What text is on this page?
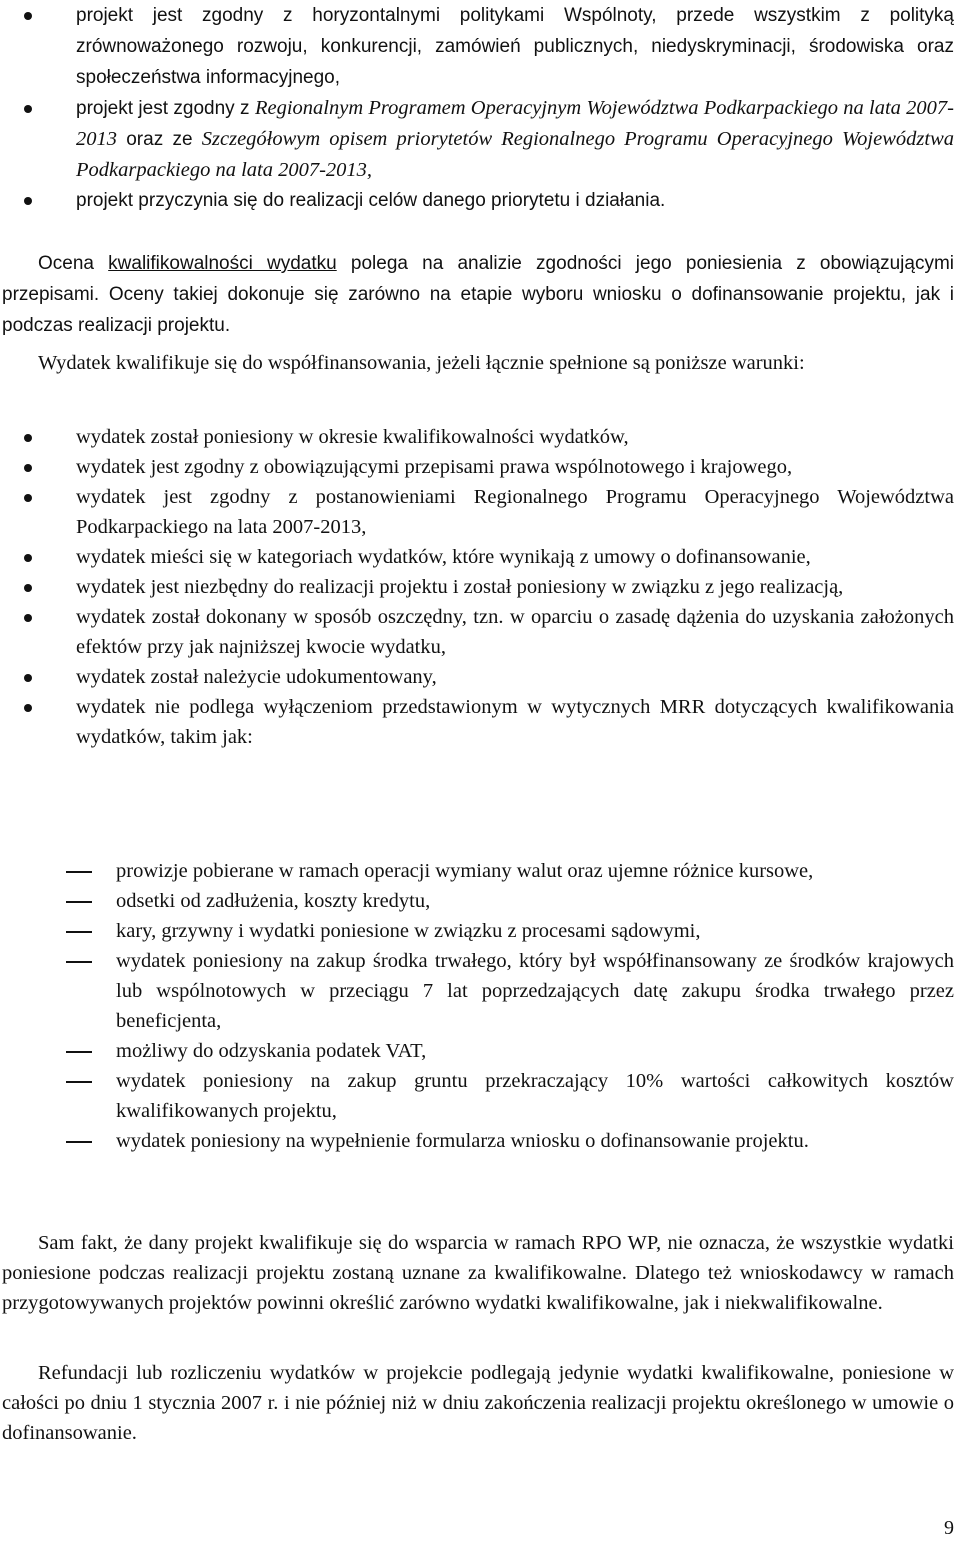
projekt jest zgodny z horyzontalnymi politykami Wspólnoty, przede wszystkim z polityką zrównoważonego rozwoju, konkurencji, zamówień publicznych, niedyskryminacji, środowiska oraz społeczeństwa informacyjnego,
projekt jest zgodny z Regionalnym Programem Operacyjnym Województwa Podkarpackiego na lata 2007-2013 oraz ze Szczegółowym opisem priorytetów Regionalnego Programu Operacyjnego Województwa Podkarpackiego na lata 2007-2013,
projekt przyczynia się do realizacji celów danego priorytetu i działania.

Ocena kwalifikowalności wydatku polega na analizie zgodności jego poniesienia z obowiązującymi przepisami. Oceny takiej dokonuje się zarówno na etapie wyboru wniosku o dofinansowanie projektu, jak i podczas realizacji projektu.

Wydatek kwalifikuje się do współfinansowania, jeżeli łącznie spełnione są poniższe warunki:

wydatek został poniesiony w okresie kwalifikowalności wydatków,
wydatek jest zgodny z obowiązującymi przepisami prawa wspólnotowego i krajowego,
wydatek jest zgodny z postanowieniami Regionalnego Programu Operacyjnego Województwa Podkarpackiego na lata 2007-2013,
wydatek mieści się w kategoriach wydatków, które wynikają z umowy o dofinansowanie,
wydatek jest niezbędny do realizacji projektu i został poniesiony w związku z jego realizacją,
wydatek został dokonany w sposób oszczędny, tzn. w oparciu o zasadę dążenia do uzyskania założonych efektów przy jak najniższej kwocie wydatku,
wydatek został należycie udokumentowany,
wydatek nie podlega wyłączeniom przedstawionym w wytycznych MRR dotyczących kwalifikowania wydatków, takim jak:
prowizje pobierane w ramach operacji wymiany walut oraz ujemne różnice kursowe,
odsetki od zadłużenia, koszty kredytu,
kary, grzywny i wydatki poniesione w związku z procesami sądowymi,
wydatek poniesiony na zakup środka trwałego, który był współfinansowany ze środków krajowych lub wspólnotowych w przeciągu 7 lat poprzedzających datę zakupu środka trwałego przez beneficjenta,
możliwy do odzyskania podatek VAT,
wydatek poniesiony na zakup gruntu przekraczający 10% wartości całkowitych kosztów kwalifikowanych projektu,
wydatek poniesiony na wypełnienie formularza wniosku o dofinansowanie projektu.

Sam fakt, że dany projekt kwalifikuje się do wsparcia w ramach RPO WP, nie oznacza, że wszystkie wydatki poniesione podczas realizacji projektu zostaną uznane za kwalifikowalne. Dlatego też wnioskodawcy w ramach przygotowywanych projektów powinni określić zarówno wydatki kwalifikowalne, jak i niekwalifikowalne.

Refundacji lub rozliczeniu wydatków w projekcie podlegają jedynie wydatki kwalifikowalne, poniesione w całości po dniu 1 stycznia 2007 r. i nie później niż w dniu zakończenia realizacji projektu określonego w umowie o dofinansowanie.

9
